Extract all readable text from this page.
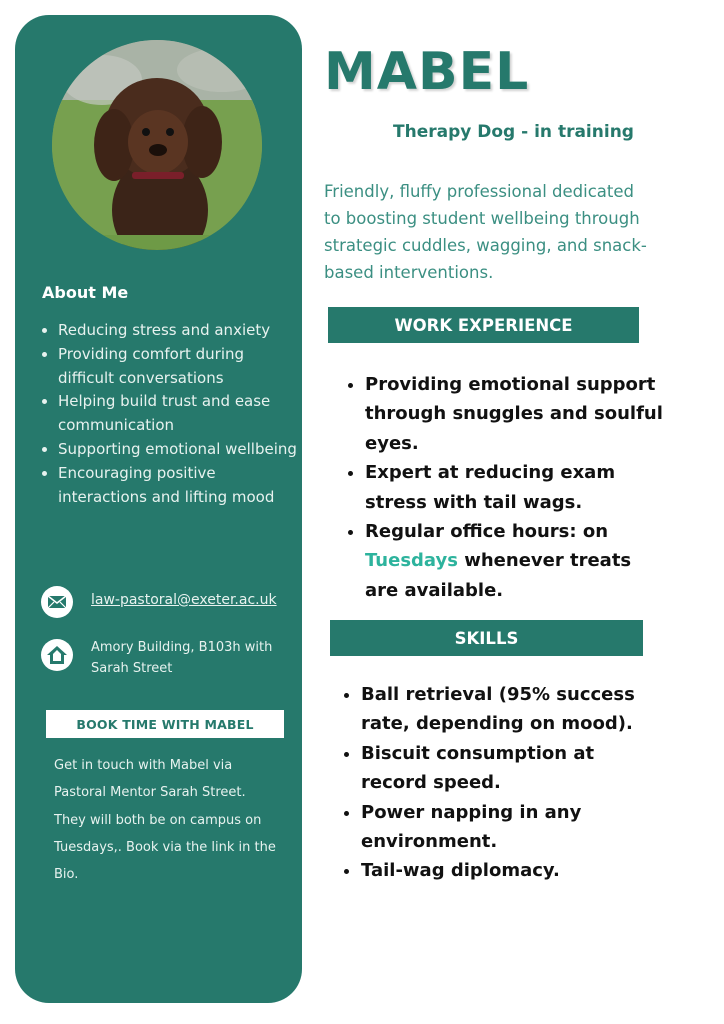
About Me
• Reducing stress and anxiety
• Providing comfort during difficult conversations
• Helping build trust and ease communication
• Supporting emotional wellbeing
• Encouraging positive interactions and lifting mood
law-pastoral@exeter.ac.uk
Amory Building, B103h with Sarah Street
BOOK TIME WITH MABEL
Get in touch with Mabel via Pastoral Mentor Sarah Street. They will both be on campus on Tuesdays,. Book via the link in the Bio.
MABEL
Therapy Dog - in training
Friendly, fluffy professional dedicated to boosting student wellbeing through strategic cuddles, wagging, and snack-based interventions.
WORK EXPERIENCE
• Providing emotional support through snuggles and soulful eyes.
• Expert at reducing exam stress with tail wags.
• Regular office hours: on Tuesdays whenever treats are available.
SKILLS
• Ball retrieval (95% success rate, depending on mood).
• Biscuit consumption at record speed.
• Power napping in any environment.
• Tail-wag diplomacy.
